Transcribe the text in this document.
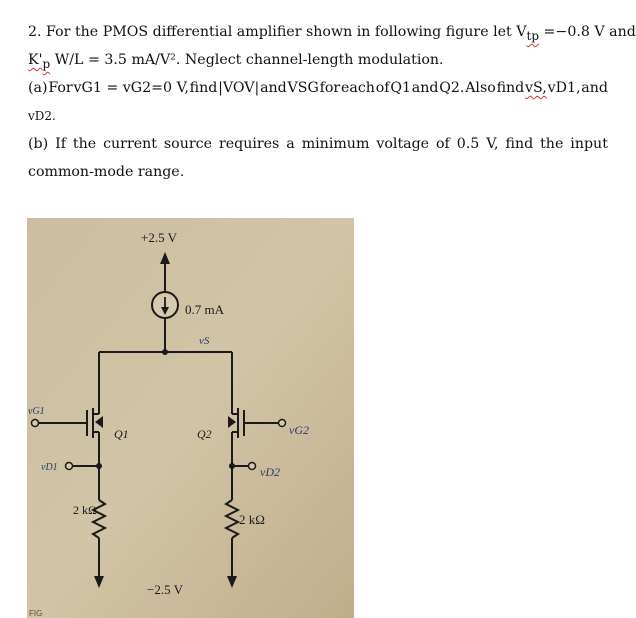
2. For the PMOS differential amplifier shown in following figure let $V_{tp} =-0.8$ V and
$K'_p$ W/L = 3.5 mA/V². Neglect channel-length modulation.
(a) For vG1 = vG2=0 V, find |VOV| and VSG for each of Q1 and Q2. Also find vS, vD1, and
vD2.
(b) If the current source requires a minimum voltage of 0.5 V, find the input
common-mode range.
+2.5 V
0.7 mA
vS
Q1	Q2
vG1
vG2
vD1	vD2
2 kΩ
2 kΩ
−2.5 V
FIG
